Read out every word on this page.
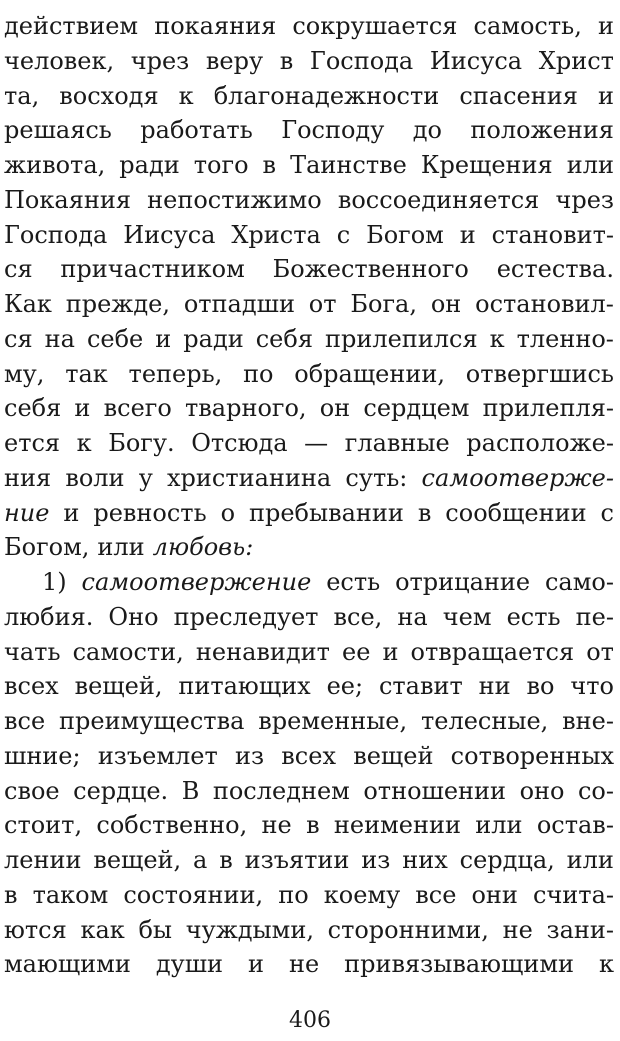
действием покаяния сокрушается самость, и
человек, чрез веру в Господа Иисуса Христ
та, восходя к благонадежности спасения и
решаясь работать Господу до положения
живота, ради того в Таинстве Крещения или
Покаяния непостижимо воссоединяется чрез
Господа Иисуса Христа с Богом и становит-
ся причастником Божественного естества.
Как прежде, отпадши от Бога, он остановил-
ся на себе и ради себя прилепился к тленно-
му, так теперь, по обращении, отвергшись
себя и всего тварного, он сердцем прилепля-
ется к Богу. Отсюда — главные расположе-
ния воли у христианина суть: самоотверже-
ние и ревность о пребывании в сообщении с
Богом, или любовь:
1) самоотвержение есть отрицание само-
любия. Оно преследует все, на чем есть пе-
чать самости, ненавидит ее и отвращается от
всех вещей, питающих ее; ставит ни во что
все преимущества временные, телесные, вне-
шние; изъемлет из всех вещей сотворенных
свое сердце. В последнем отношении оно со-
стоит, собственно, не в неимении или остав-
лении вещей, а в изъятии из них сердца, или
в таком состоянии, по коему все они счита-
ются как бы чуждыми, сторонними, не зани-
мающими души и не привязывающими к
406
